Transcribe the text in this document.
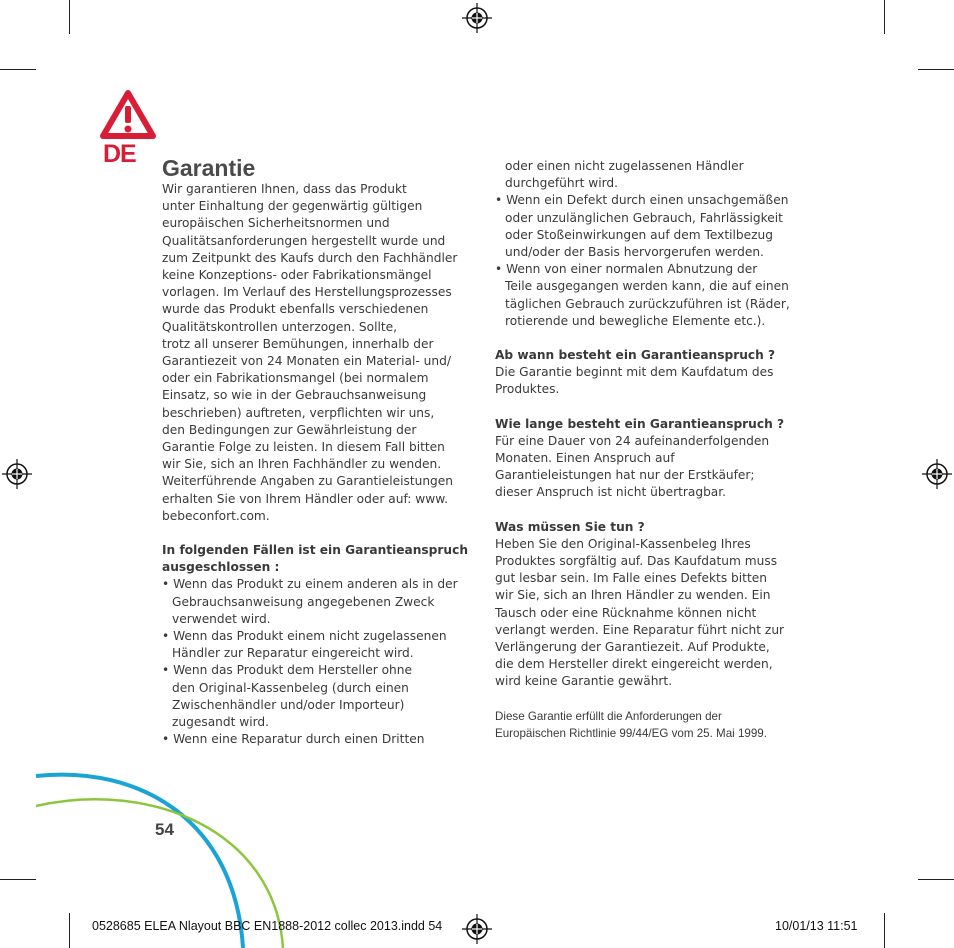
DE Garantie

Wir garantieren Ihnen, dass das Produkt

unter Einhaltung der gegenwärtig gültigen

europäischen Sicherheitsnormen und

Qualitätsanforderungen hergestellt wurde und

zum Zeitpunkt des Kaufs durch den Fachhändler

keine Konzeptions- oder Fabrikationsmängel

vorlagen. Im Verlauf des Herstellungsprozesses

wurde das Produkt ebenfalls verschiedenen

Qualitätskontrollen unterzogen. Sollte,

trotz all unserer Bemühungen, innerhalb der

Garantiezeit von 24 Monaten ein Material- und/

oder ein Fabrikationsmangel (bei normalem

Einsatz, so wie in der Gebrauchsanweisung

beschrieben) auftreten, verpflichten wir uns,

den Bedingungen zur Gewährleistung der

Garantie Folge zu leisten. In diesem Fall bitten

wir Sie, sich an Ihren Fachhändler zu wenden.

Weiterführende Angaben zu Garantieleistungen

erhalten Sie von Ihrem Händler oder auf: www.

bebeconfort.com.

In folgenden Fällen ist ein Garantieanspruch

ausgeschlossen :

• Wenn das Produkt zu einem anderen als in der

Gebrauchsanweisung angegebenen Zweck

verwendet wird.

• Wenn das Produkt einem nicht zugelassenen

Händler zur Reparatur eingereicht wird.

• Wenn das Produkt dem Hersteller ohne

den Original-Kassenbeleg (durch einen

Zwischenhändler und/oder Importeur)

zugesandt wird.

• Wenn eine Reparatur durch einen Dritten

oder einen nicht zugelassenen Händler

durchgeführt wird.

• Wenn ein Defekt durch einen unsachgemäßen

oder unzulänglichen Gebrauch, Fahrlässigkeit

oder Stoßeinwirkungen auf dem Textilbezug

und/oder der Basis hervorgerufen werden.

• Wenn von einer normalen Abnutzung der

Teile ausgegangen werden kann, die auf einen

täglichen Gebrauch zurückzuführen ist (Räder,

rotierende und bewegliche Elemente etc.).

Ab wann besteht ein Garantieanspruch ?

Die Garantie beginnt mit dem Kaufdatum des

Produktes.

Wie lange besteht ein Garantieanspruch ?

Für eine Dauer von 24 aufeinanderfolgenden

Monaten. Einen Anspruch auf

Garantieleistungen hat nur der Erstkäufer;

dieser Anspruch ist nicht übertragbar.

Was müssen Sie tun ?

Heben Sie den Original-Kassenbeleg Ihres

Produktes sorgfältig auf. Das Kaufdatum muss

gut lesbar sein. Im Falle eines Defekts bitten

wir Sie, sich an Ihren Händler zu wenden. Ein

Tausch oder eine Rücknahme können nicht

verlangt werden. Eine Reparatur führt nicht zur

Verlängerung der Garantiezeit. Auf Produkte,

die dem Hersteller direkt eingereicht werden,

wird keine Garantie gewährt.

Diese Garantie erfüllt die Anforderungen der

Europäischen Richtlinie 99/44/EG vom 25. Mai 1999.

54
0528685 ELEA Nlayout BBC EN1888-2012 collec 2013.indd 54	10/01/13 11:51
